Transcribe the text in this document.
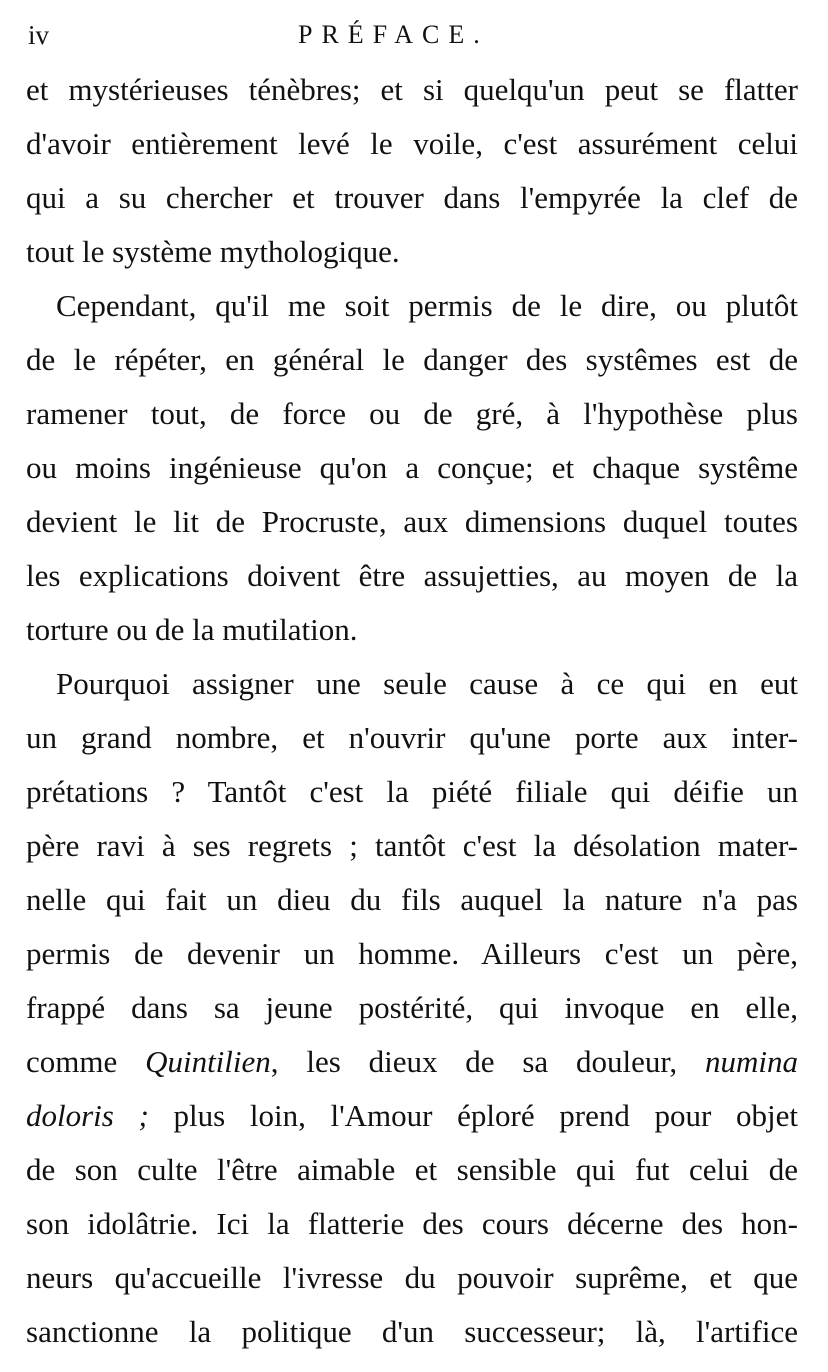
iv	PRÉFACE.
et mystérieuses ténèbres; et si quelqu'un peut se flatter
d'avoir entièrement levé le voile, c'est assurément celui
qui a su chercher et trouver dans l'empyrée la clef de
tout le système mythologique.
Cependant, qu'il me soit permis de le dire, ou plutôt
de le répéter, en général le danger des systêmes est de
ramener tout, de force ou de gré, à l'hypothèse plus
ou moins ingénieuse qu'on a conçue; et chaque systême
devient le lit de Procruste, aux dimensions duquel toutes
les explications doivent être assujetties, au moyen de la
torture ou de la mutilation.
Pourquoi assigner une seule cause à ce qui en eut
un grand nombre, et n'ouvrir qu'une porte aux inter-
prétations ? Tantôt c'est la piété filiale qui déifie un
père ravi à ses regrets ; tantôt c'est la désolation mater-
nelle qui fait un dieu du fils auquel la nature n'a pas
permis de devenir un homme. Ailleurs c'est un père,
frappé dans sa jeune postérité, qui invoque en elle,
comme Quintilien, les dieux de sa douleur, numina
doloris ; plus loin, l'Amour éploré prend pour objet
de son culte l'être aimable et sensible qui fut celui de
son idolâtrie. Ici la flatterie des cours décerne des hon-
neurs qu'accueille l'ivresse du pouvoir suprême, et que
sanctionne la politique d'un successeur; là, l'artifice
